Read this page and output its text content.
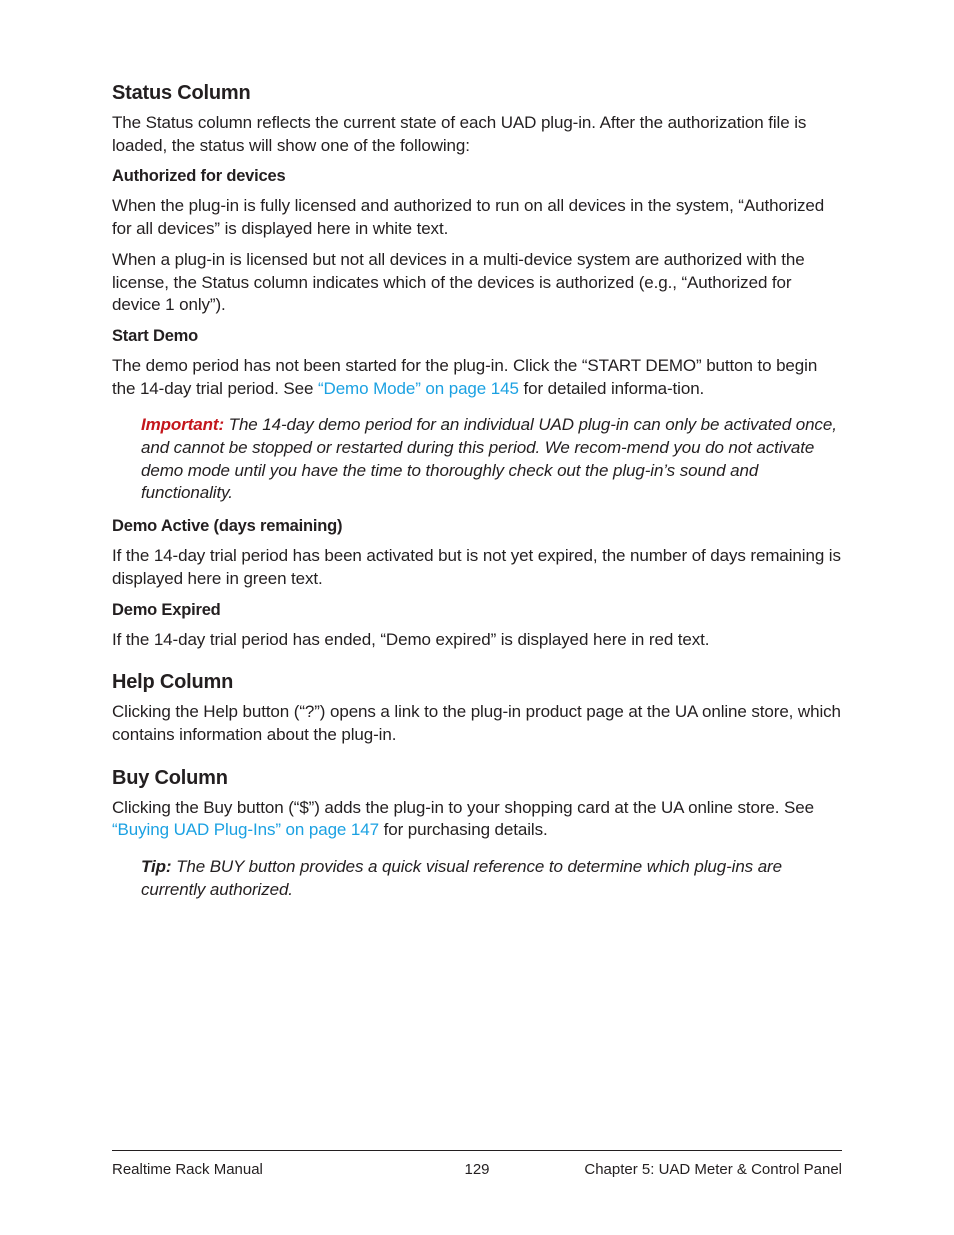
Status Column

The Status column reflects the current state of each UAD plug-in. After the authorization file is loaded, the status will show one of the following:

Authorized for devices

When the plug-in is fully licensed and authorized to run on all devices in the system, “Authorized for all devices” is displayed here in white text.

When a plug-in is licensed but not all devices in a multi-device system are authorized with the license, the Status column indicates which of the devices is authorized (e.g., “Authorized for device 1 only”).

Start Demo

The demo period has not been started for the plug-in. Click the “START DEMO” button to begin the 14-day trial period. See “Demo Mode” on page 145 for detailed informa-tion.

Important: The 14-day demo period for an individual UAD plug-in can only be activated once, and cannot be stopped or restarted during this period. We recom-mend you do not activate demo mode until you have the time to thoroughly check out the plug-in’s sound and functionality.
Demo Active (days remaining)

If the 14-day trial period has been activated but is not yet expired, the number of days remaining is displayed here in green text.

Demo Expired

If the 14-day trial period has ended, “Demo expired” is displayed here in red text.

Help Column

Clicking the Help button (“?”) opens a link to the plug-in product page at the UA online store, which contains information about the plug-in.

Buy Column

Clicking the Buy button (“$”) adds the plug-in to your shopping card at the UA online store. See “Buying UAD Plug-Ins” on page 147 for purchasing details.

Tip: The BUY button provides a quick visual reference to determine which plug-ins are currently authorized.
Realtime Rack Manual	129	Chapter 5: UAD Meter & Control Panel
